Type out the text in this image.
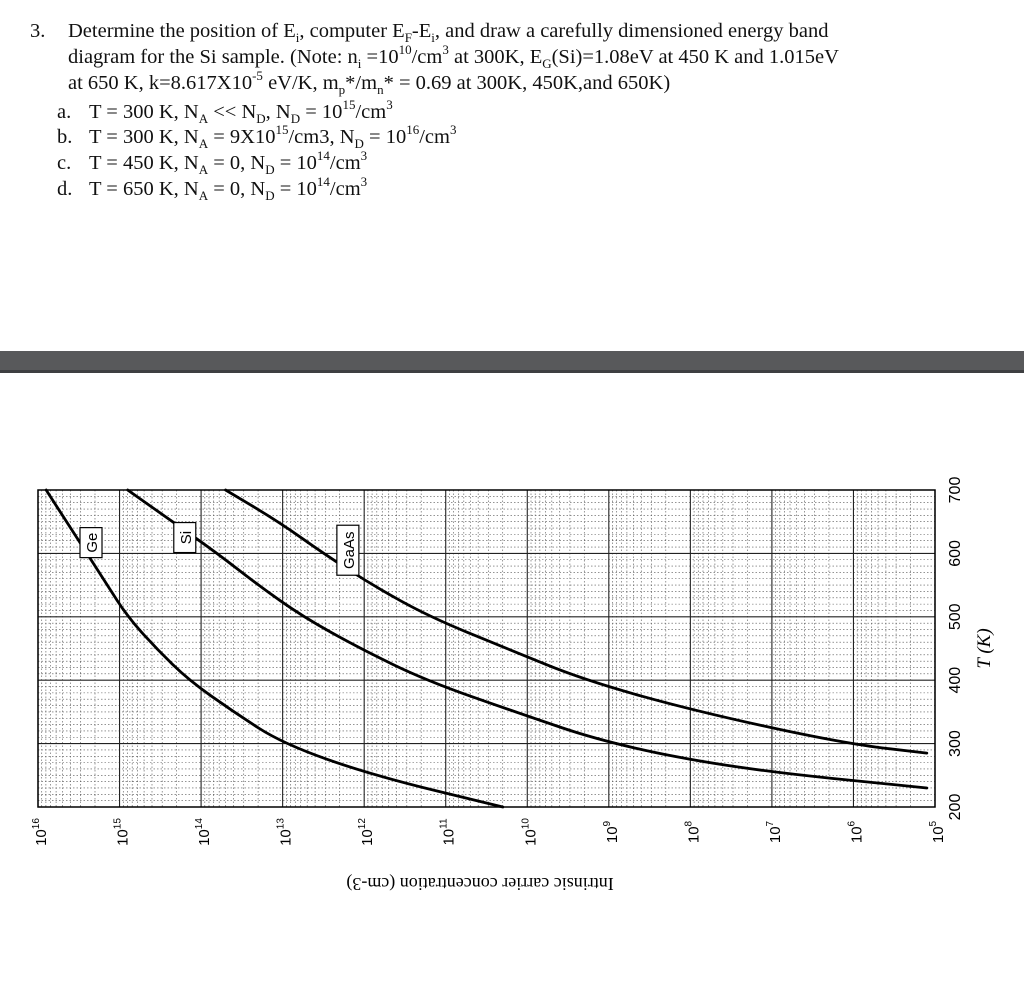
3. Determine the position of $E_i$, computer $E_F-E_i$, and draw a carefully dimensioned energy band
diagram for the Si sample. (Note: $n_i =10^{10}/cm^3$ at 300K, $E_G(Si)=1.08eV$ at 450 K and 1.015eV
at 650 K, $k=8.617X10^{-5}$ eV/K, $m_p*/m_n* = 0.69$ at 300K, 450K,and 650K)
a. T = 300 K, $N_A << N_D$, $N_D = 10^{15}/cm^3$
b. T = 300 K, $N_A = 9X10^{15}/cm3$, $N_D = 10^{16}/cm^3$
c. T = 450 K, $N_A = 0$, $N_D = 10^{14}/cm^3$
d. T = 650 K, $N_A = 0$, $N_D = 10^{14}/cm^3$
Ge	Si	GaAs
200
300
400
500
600
700
$10^5$
$10^6$
$10^7$
$10^8$
$10^9$
$10^{10}$
$10^{11}$
$10^{12}$
$10^{13}$
$10^{14}$
$10^{15}$
$10^{16}$
T (K)
Intrinsic carrier concentration (cm-3)
